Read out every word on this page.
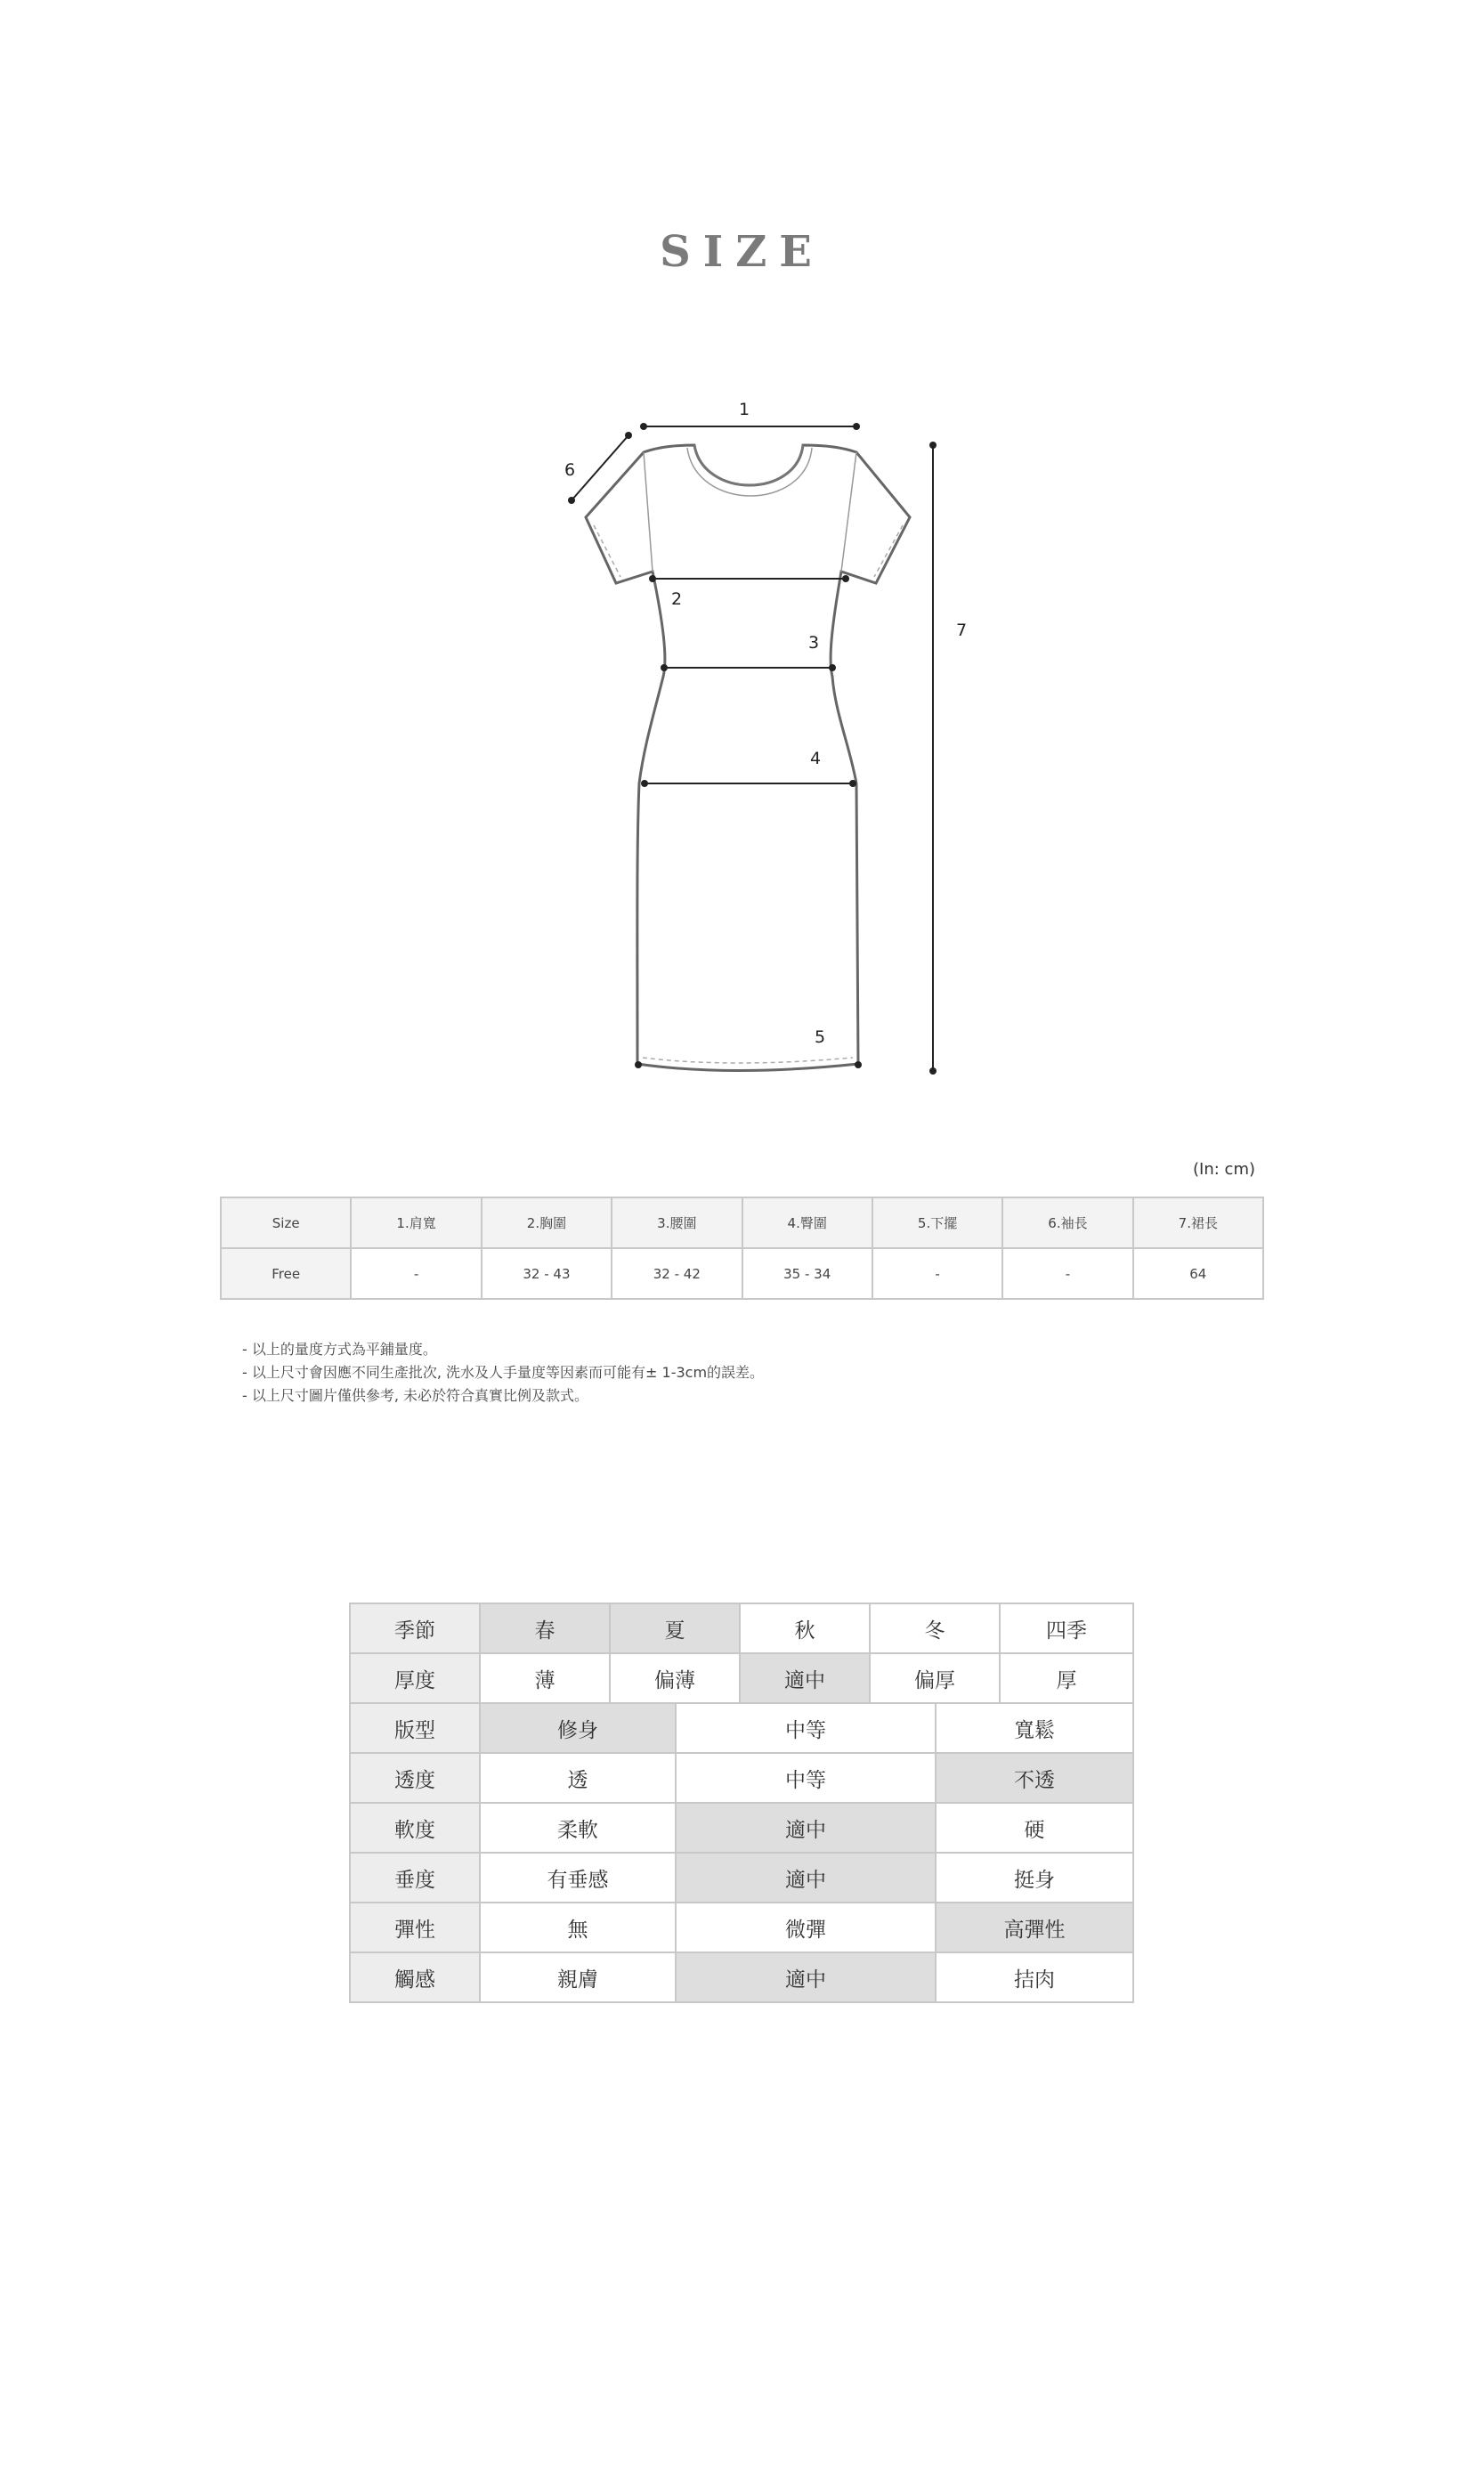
SIZE
1
2
3
4
5
6
7
(In: cm)
Size	1.肩寬	2.胸圍	3.腰圍	4.臀圍	5.下擺	6.袖長	7.裙長
Free	-	32 - 43	32 - 42	35 - 34	-	-	64
- 以上的量度方式為平鋪量度。
- 以上尺寸會因應不同生產批次, 洗水及人手量度等因素而可能有± 1-3cm的誤差。
- 以上尺寸圖片僅供參考, 未必於符合真實比例及款式。
季節	春	夏		秋	冬		四季
厚度	薄	偏薄		適中	偏厚		厚
版型	修身		中等			寬鬆	
透度	透		中等			不透	
軟度	柔軟		適中			硬	
垂度	有垂感		適中			挺身	
彈性	無		微彈			高彈性	
觸感	親膚		適中			拮肉	
